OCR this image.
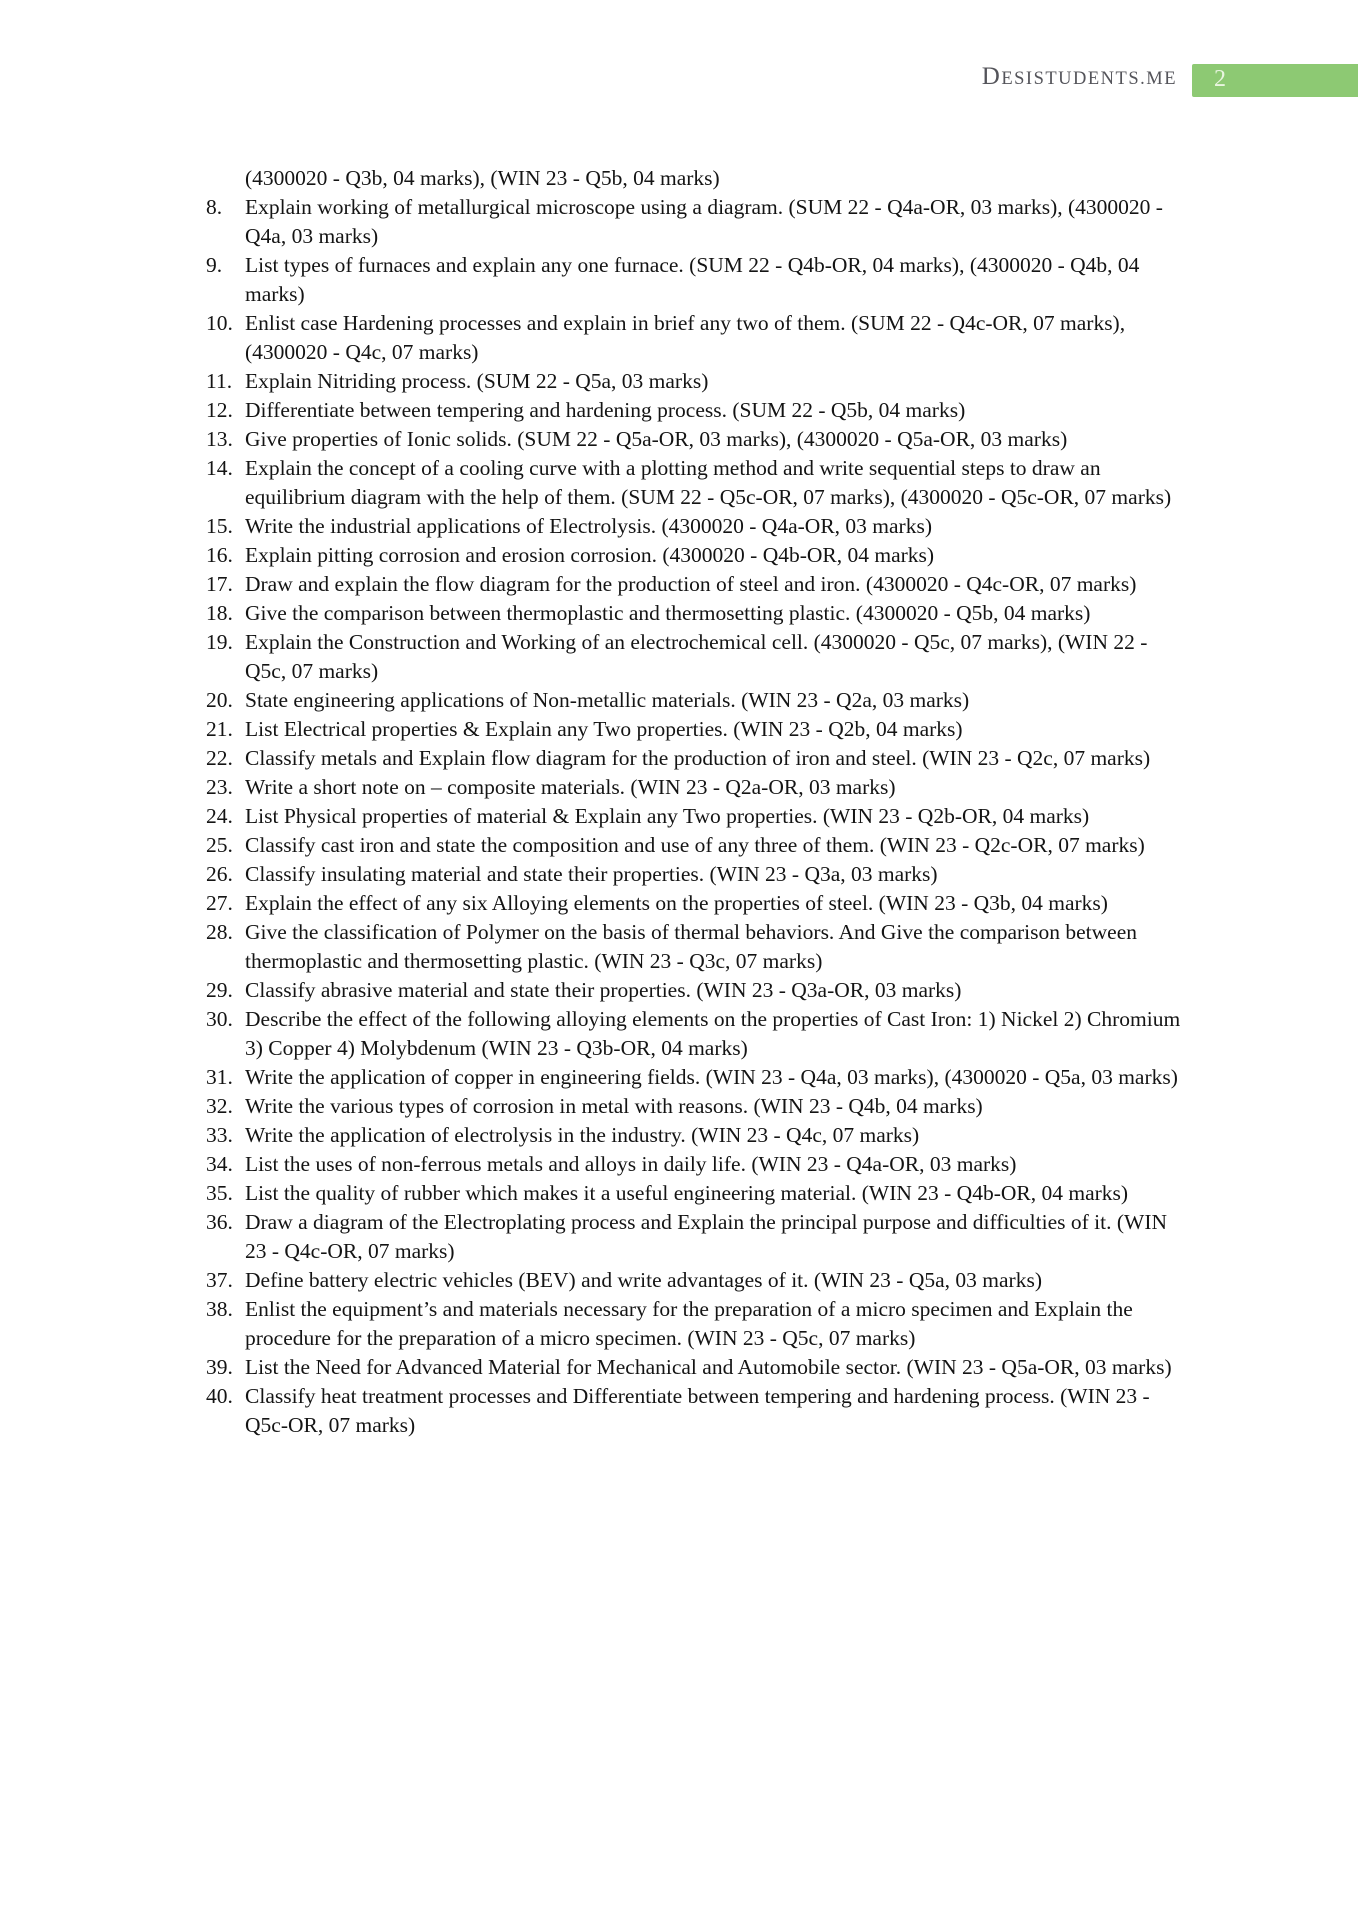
DESISTUDENTS.ME 2
(4300020 - Q3b, 04 marks), (WIN 23 - Q5b, 04 marks)
8.	Explain working of metallurgical microscope using a diagram. (SUM 22 - Q4a-OR, 03 marks), (4300020 - Q4a, 03 marks)
9.	List types of furnaces and explain any one furnace. (SUM 22 - Q4b-OR, 04 marks), (4300020 - Q4b, 04 marks)
10. Enlist case Hardening processes and explain in brief any two of them. (SUM 22 - Q4c-OR, 07 marks), (4300020 - Q4c, 07 marks)
11. Explain Nitriding process. (SUM 22 - Q5a, 03 marks)
12. Differentiate between tempering and hardening process. (SUM 22 - Q5b, 04 marks)
13. Give properties of Ionic solids. (SUM 22 - Q5a-OR, 03 marks), (4300020 - Q5a-OR, 03 marks)
14. Explain the concept of a cooling curve with a plotting method and write sequential steps to draw an equilibrium diagram with the help of them. (SUM 22 - Q5c-OR, 07 marks), (4300020 - Q5c-OR, 07 marks)
15. Write the industrial applications of Electrolysis. (4300020 - Q4a-OR, 03 marks)
16. Explain pitting corrosion and erosion corrosion. (4300020 - Q4b-OR, 04 marks)
17. Draw and explain the flow diagram for the production of steel and iron. (4300020 - Q4c-OR, 07 marks)
18. Give the comparison between thermoplastic and thermosetting plastic. (4300020 - Q5b, 04 marks)
19. Explain the Construction and Working of an electrochemical cell. (4300020 - Q5c, 07 marks), (WIN 22 - Q5c, 07 marks)
20. State engineering applications of Non-metallic materials. (WIN 23 - Q2a, 03 marks)
21. List Electrical properties & Explain any Two properties. (WIN 23 - Q2b, 04 marks)
22. Classify metals and Explain flow diagram for the production of iron and steel. (WIN 23 - Q2c, 07 marks)
23. Write a short note on – composite materials. (WIN 23 - Q2a-OR, 03 marks)
24. List Physical properties of material & Explain any Two properties. (WIN 23 - Q2b-OR, 04 marks)
25. Classify cast iron and state the composition and use of any three of them. (WIN 23 - Q2c-OR, 07 marks)
26. Classify insulating material and state their properties. (WIN 23 - Q3a, 03 marks)
27. Explain the effect of any six Alloying elements on the properties of steel. (WIN 23 - Q3b, 04 marks)
28. Give the classification of Polymer on the basis of thermal behaviors. And Give the comparison between thermoplastic and thermosetting plastic. (WIN 23 - Q3c, 07 marks)
29. Classify abrasive material and state their properties. (WIN 23 - Q3a-OR, 03 marks)
30. Describe the effect of the following alloying elements on the properties of Cast Iron: 1) Nickel 2) Chromium 3) Copper 4) Molybdenum (WIN 23 - Q3b-OR, 04 marks)
31. Write the application of copper in engineering fields. (WIN 23 - Q4a, 03 marks), (4300020 - Q5a, 03 marks)
32. Write the various types of corrosion in metal with reasons. (WIN 23 - Q4b, 04 marks)
33. Write the application of electrolysis in the industry. (WIN 23 - Q4c, 07 marks)
34. List the uses of non-ferrous metals and alloys in daily life. (WIN 23 - Q4a-OR, 03 marks)
35. List the quality of rubber which makes it a useful engineering material. (WIN 23 - Q4b-OR, 04 marks)
36. Draw a diagram of the Electroplating process and Explain the principal purpose and difficulties of it. (WIN 23 - Q4c-OR, 07 marks)
37. Define battery electric vehicles (BEV) and write advantages of it. (WIN 23 - Q5a, 03 marks)
38. Enlist the equipment’s and materials necessary for the preparation of a micro specimen and Explain the procedure for the preparation of a micro specimen. (WIN 23 - Q5c, 07 marks)
39. List the Need for Advanced Material for Mechanical and Automobile sector. (WIN 23 - Q5a-OR, 03 marks)
40. Classify heat treatment processes and Differentiate between tempering and hardening process. (WIN 23 - Q5c-OR, 07 marks)
